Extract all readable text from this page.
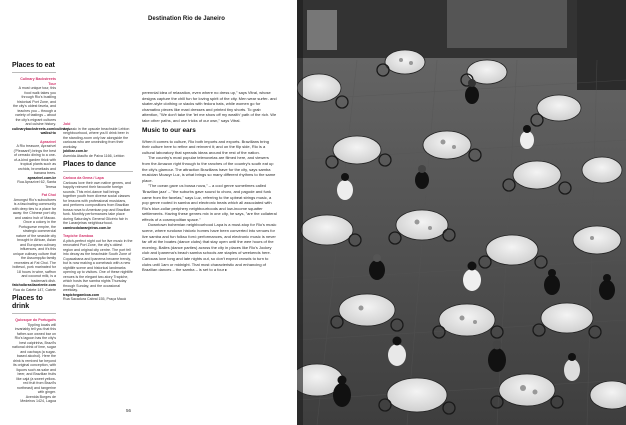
Destination Rio de Janeiro
Places to eat
Culinary Backstreets Tour

A must unique tour, this food walk takes you through Rio's bustling historical Port Zone, and the city's oldest favela, and teaches you – through a variety of tastings – about the city's migrant cultures and cuisine history.

culinarybackstreets.com/culinary-walks/rio
Aprazível

A Rio treasure, Aprazível ('Pleasant') brings the best of cerrado dining to a one-of-a-kind garden thick with tropical plants such as orchids, bromeliads and banana trees.

aprazivel.com.br
Rua Aprazível 62, Santa Teresa
Fat Choi

Amongst Rio's subcultures is a fascinating community with deep ties to a place far away: the Chinese port city and casino hub of Macao. Once a colony in the Portuguese empire, the strategic commercial nature of the seaside city brought in African, Asian and European culinary influences, and it's this unique culinary culture that the Assumpção family recreates at Fat Choi. The boltesol, pork marinated for 18 hours in wine, saffron and coconut milk, is a trademark dish.

fatchoibrasilaoriente.com
Rua do Catete 147, Catete
Places to drink
Quiosque do Português

Tippling locals will invariably tell you that this father-son owned bar on Rio's lagoon has the city's best caipirinha, Brazil's national drink of lime, sugar and cachaça (a sugar-based alcohol). Here the drink is remixed far beyond its original conception, with liquors such as sake and beer, and Brazilian fruits like cajá (a sweet yellow-red fruit from Brazil's northeast) and tangerine with ginger.

Avenida Borges de Medeiros 1424, Lagoa
Jobi

A classic in the upscale beachside Leblon neighbourhood, where you'll drink beer in the standing-room only bar alongside the cariocas who are unwinding from their workday.

jobibar.com.br
Avenida Ataulfo de Paiva 1166, Leblon
Places to dance
Carioca da Gema / Lapa

Cariocas love their own native genres, and happily reinvent their favourite foreign sounds. This mini-dance hall brings together youth from diverse social classes for lessons with professional musicians, and performs compositions from Brazilian bossa nova to American pop and Brazilian funk. Monthly performances take place during Saturday's General Glicério fair in the Laranjeiras neighbourhood.

caminodolaranjeiras.com.br
Trapiche Gamboa

A pitch-perfect night out for live music in the renovated Port Zone, the city's oldest region and original city centre. The port fell into decay as the beachside South Zone of Copacabana and Ipanema became trendy, but is now making a comeback with a new nightlife scene and historical landmarks opening up to visitors. One of these nightlife venues is the elegant two-story Trapiche, which hosts live samba nights Thursday through Sunday, and the occasional weekday.

trapichegamboa.com
Rua Sacadura Cabral 155, Praça Mauá

perennial idea of relaxation, even where no dress up," says Vitral, whose designs capture the chill fun for loving spirit of the city. Men wear surfer- and skater-style clothing or slacks with fedora hats, while women go for chamativo pieces like maxi dresses and printed tiny shorts. To grab attention, "We don't take the 'let me show off my wealth' path of the rich. We take other paths, and use tricks of our own," says Vitral.

Music to our ears

When it comes to culture, Rio both imports and exports. Brazilians bring their culture here to refine and reinvent it; and on the flip side, Rio is a cultural laboratory that spreads ideas around the rest of the nation.

The country's most popular telenovelas are filmed here, and viewers from the Amazon right through to the ranches of the country's south eat up the city's glamour. The attraction Brazilians have for the city, says samba musician Moacyr Luz, is what brings so many different rhythms to the same place.

"The ocean gave us bossa nova," – a cool genre sometimes called 'Brazilian jazz' – "the suburbs gave sound to choro, and pagode and funk came from the favelas," says Luz, referring to the upbeat strings music, a pop genre rooted in samba and electronic beats which all associated with Rio's blue-collar periphery neighbourhoods and low-income squatter settlements. Having these genres mix in one city, he says, "are the collateral effects of a cosmopolitan space."

Downtown bohemian neighbourhood Lapa is a must-stop for Rio's music scene, where rundown historic homes have been converted into venues for live samba and fun folkso forró performances, and electronic music is never far off at the boates (dance clubs) that stay open until the wee hours of the morning. Bailes (dance parties) across the city in places like Rio's Jockey club and Ipanema's beach samba schools are staples of weekends here. Cariocas love long and late nights out, so don't expect crowds to turn to clubs until 1am or midnight. That most characteristic and enhancing of Brazilian dances – the samba – is set to a four ▸

56
